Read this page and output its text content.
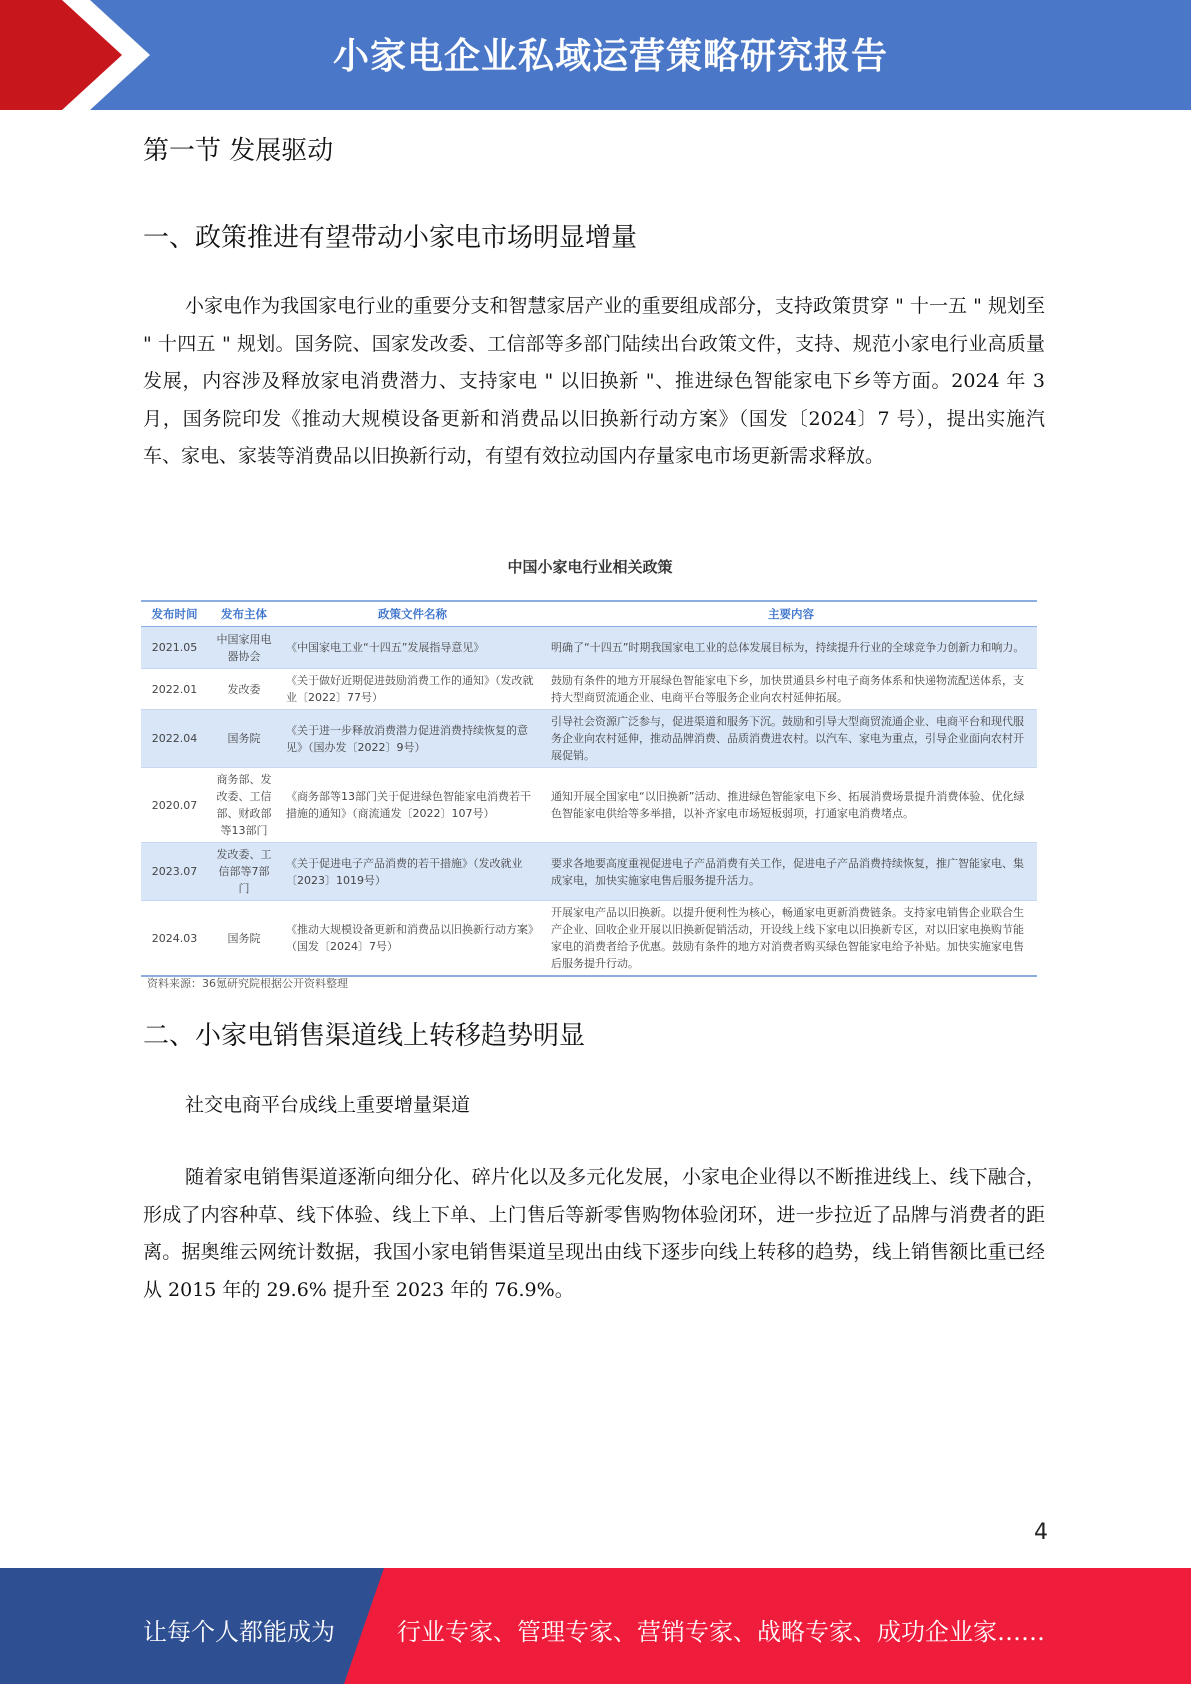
小家电企业私域运营策略研究报告
第一节 发展驱动
一、政策推进有望带动小家电市场明显增量
小家电作为我国家电行业的重要分支和智慧家居产业的重要组成部分，支持政策贯穿 " 十一五 " 规划至 " 十四五 " 规划。国务院、国家发改委、工信部等多部门陆续出台政策文件，支持、规范小家电行业高质量发展，内容涉及释放家电消费潜力、支持家电 " 以旧换新 "、推进绿色智能家电下乡等方面。2024 年 3 月，国务院印发《推动大规模设备更新和消费品以旧换新行动方案》（国发〔2024〕7 号），提出实施汽车、家电、家装等消费品以旧换新行动，有望有效拉动国内存量家电市场更新需求释放。
中国小家电行业相关政策
发布时间	发布主体	政策文件名称	主要内容
2021.05	中国家用电器协会	《中国家电工业“十四五”发展指导意见》	明确了“十四五”时期我国家电工业的总体发展目标为，持续提升行业的全球竞争力创新力和响力。
2022.01	发改委	《关于做好近期促进鼓励消费工作的通知》（发改就业〔2022〕77号）	鼓励有条件的地方开展绿色智能家电下乡，加快贯通县乡村电子商务体系和快递物流配送体系，支持大型商贸流通企业、电商平台等服务企业向农村延伸拓展。
2022.04	国务院	《关于进一步释放消费潜力促进消费持续恢复的意见》（国办发〔2022〕9号）	引导社会资源广泛参与，促进渠道和服务下沉。鼓励和引导大型商贸流通企业、电商平台和现代服务企业向农村延伸，推动品牌消费、品质消费进农村。以汽车、家电为重点，引导企业面向农村开展促销。
2020.07	商务部、发改委、工信部、财政部等13部门	《商务部等13部门关于促进绿色智能家电消费若干措施的通知》（商流通发〔2022〕107号）	通知开展全国家电“以旧换新”活动、推进绿色智能家电下乡、拓展消费场景提升消费体验、优化绿色智能家电供给等多举措，以补齐家电市场短板弱项，打通家电消费堵点。
2023.07	发改委、工信部等7部门	《关于促进电子产品消费的若干措施》（发改就业〔2023〕1019号）	要求各地要高度重视促进电子产品消费有关工作，促进电子产品消费持续恢复，推广智能家电、集成家电，加快实施家电售后服务提升活力。
2024.03	国务院	《推动大规模设备更新和消费品以旧换新行动方案》（国发〔2024〕7号）	开展家电产品以旧换新。以提升便利性为核心，畅通家电更新消费链条。支持家电销售企业联合生产企业、回收企业开展以旧换新促销活动，开设线上线下家电以旧换新专区，对以旧家电换购节能家电的消费者给予优惠。鼓励有条件的地方对消费者购买绿色智能家电给予补贴。加快实施家电售后服务提升行动。
资料来源：36氪研究院根据公开资料整理
二、小家电销售渠道线上转移趋势明显
社交电商平台成线上重要增量渠道
随着家电销售渠道逐渐向细分化、碎片化以及多元化发展，小家电企业得以不断推进线上、线下融合，形成了内容种草、线下体验、线上下单、上门售后等新零售购物体验闭环，进一步拉近了品牌与消费者的距离。据奥维云网统计数据，我国小家电销售渠道呈现出由线下逐步向线上转移的趋势，线上销售额比重已经从 2015 年的 29.6% 提升至 2023 年的 76.9%。
4
让每个人都能成为	行业专家、管理专家、营销专家、战略专家、成功企业家……
